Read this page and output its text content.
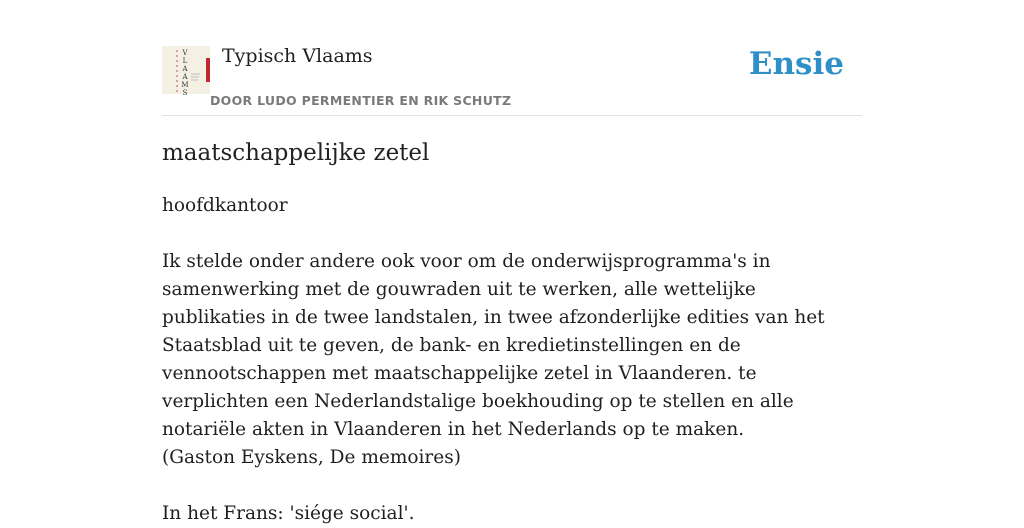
V
L
A
A
M
S
Typisch Vlaams
DOOR LUDO PERMENTIER EN RIK SCHUTZ
Ensie
maatschappelijke zetel

hoofdkantoor

Ik stelde onder andere ook voor om de onderwijsprogramma's in samenwerking met de gouwraden uit te werken, alle wettelijke publikaties in de twee landstalen, in twee afzonderlijke edities van het Staatsblad uit te geven, de bank- en kredietinstellingen en de vennootschappen met maatschappelijke zetel in Vlaanderen. te verplichten een Nederlandstalige boekhouding op te stellen en alle notariële akten in Vlaanderen in het Nederlands op te maken.

(Gaston Eyskens, De memoires)

In het Frans: 'siége social'.
